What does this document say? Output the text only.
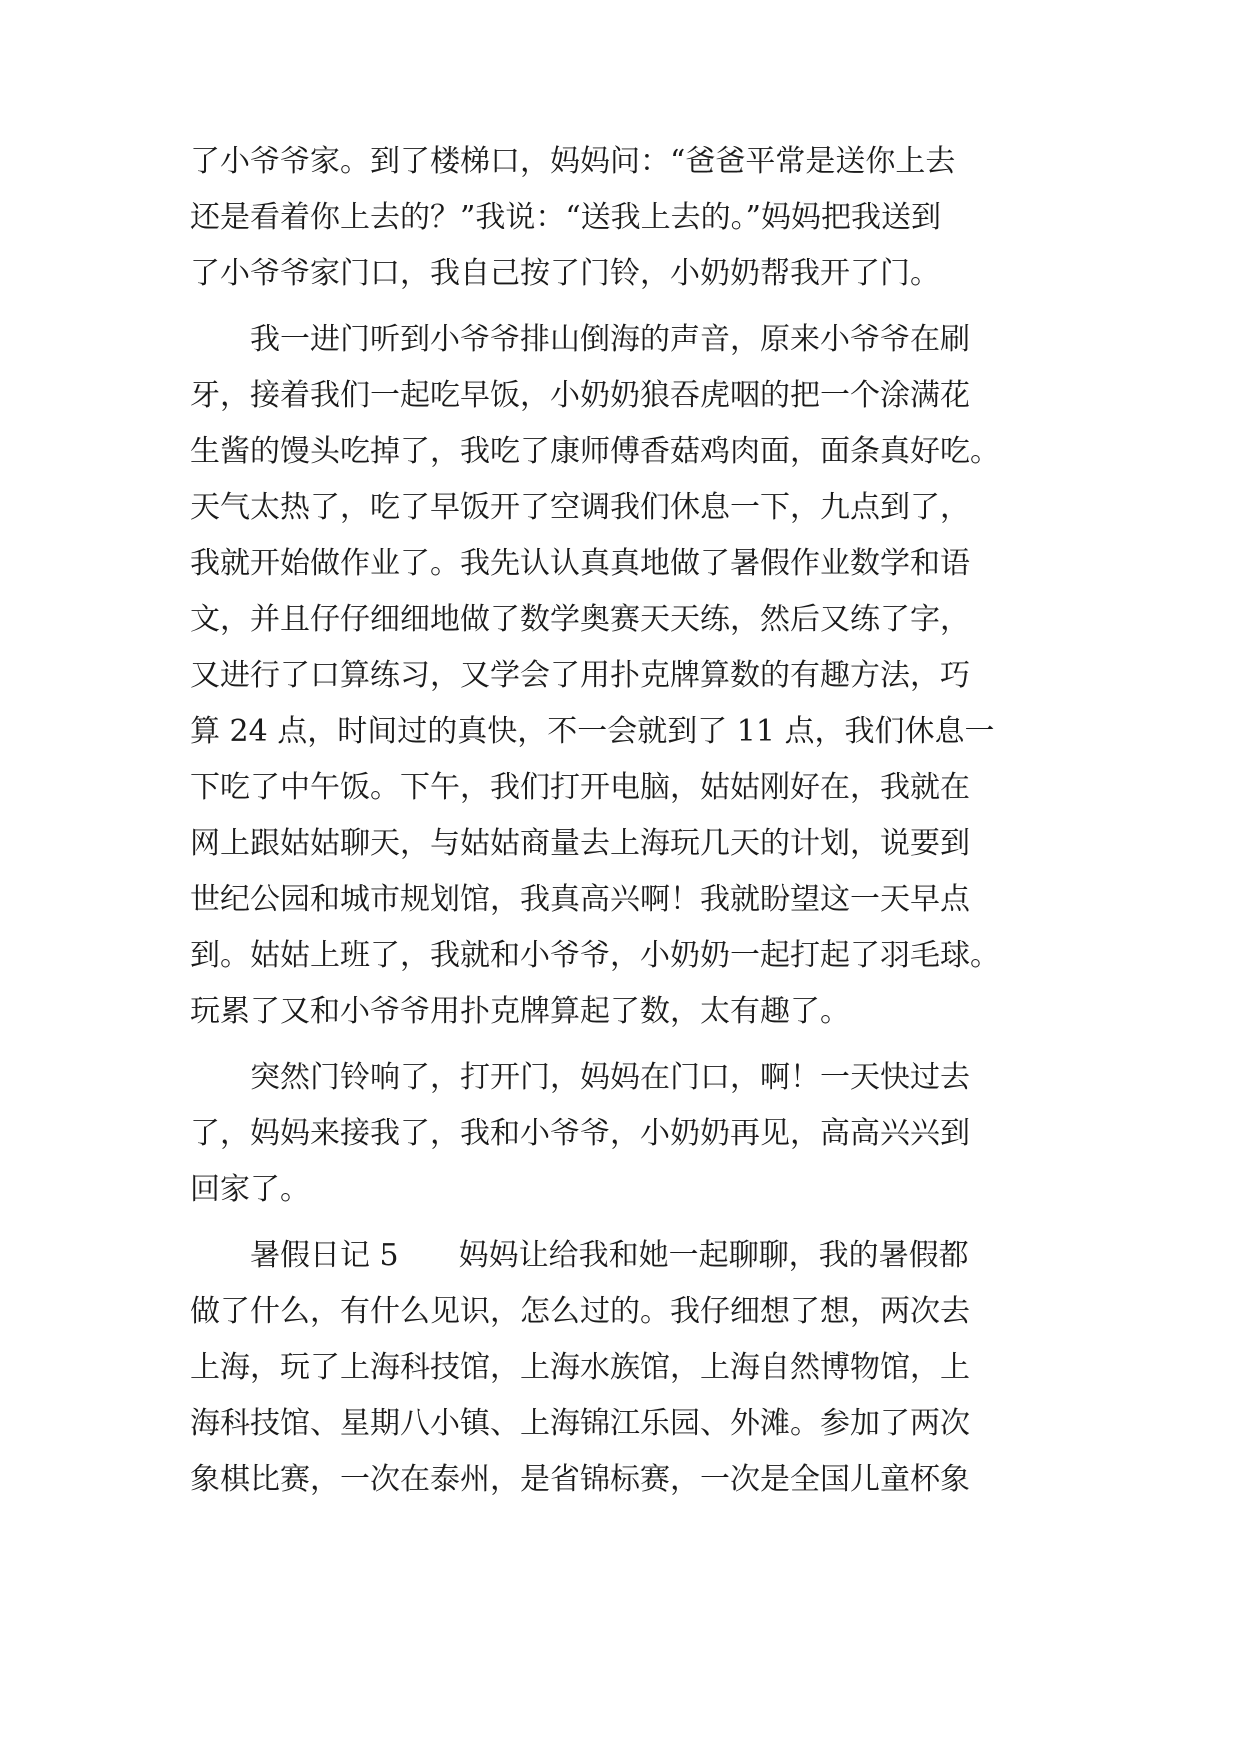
了小爷爷家。到了楼梯口，妈妈问：“爸爸平常是送你上去
还是看着你上去的？”我说：“送我上去的。”妈妈把我送到
了小爷爷家门口，我自己按了门铃，小奶奶帮我开了门。
　　我一进门听到小爷爷排山倒海的声音，原来小爷爷在刷
牙，接着我们一起吃早饭，小奶奶狼吞虎咽的把一个涂满花
生酱的馒头吃掉了，我吃了康师傅香菇鸡肉面，面条真好吃。
天气太热了，吃了早饭开了空调我们休息一下，九点到了，
我就开始做作业了。我先认认真真地做了暑假作业数学和语
文，并且仔仔细细地做了数学奥赛天天练，然后又练了字，
又进行了口算练习，又学会了用扑克牌算数的有趣方法，巧
算 24 点，时间过的真快，不一会就到了 11 点，我们休息一
下吃了中午饭。下午，我们打开电脑，姑姑刚好在，我就在
网上跟姑姑聊天，与姑姑商量去上海玩几天的计划，说要到
世纪公园和城市规划馆，我真高兴啊！我就盼望这一天早点
到。姑姑上班了，我就和小爷爷，小奶奶一起打起了羽毛球。
玩累了又和小爷爷用扑克牌算起了数，太有趣了。
　　突然门铃响了，打开门，妈妈在门口，啊！一天快过去
了，妈妈来接我了，我和小爷爷，小奶奶再见，高高兴兴到
回家了。
　　暑假日记 5　　妈妈让给我和她一起聊聊，我的暑假都
做了什么，有什么见识，怎么过的。我仔细想了想，两次去
上海，玩了上海科技馆，上海水族馆，上海自然博物馆，上
海科技馆、星期八小镇、上海锦江乐园、外滩。参加了两次
象棋比赛，一次在泰州，是省锦标赛，一次是全国儿童杯象
